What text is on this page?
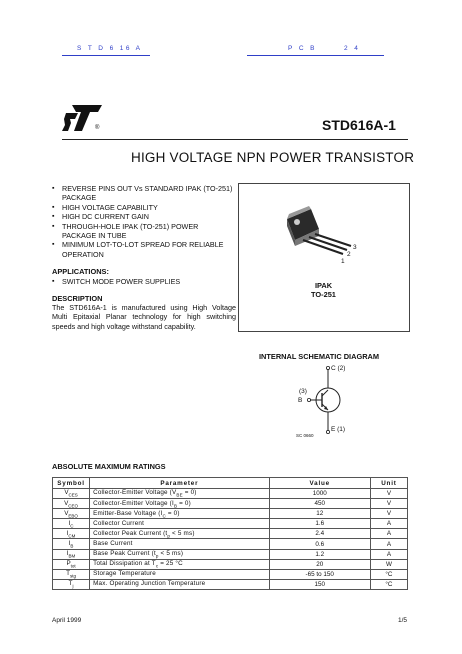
S T D 6 16 A	P C B	2 4
®	STD616A-1
HIGH VOLTAGE NPN POWER TRANSISTOR
▪ REVERSE PINS OUT Vs STANDARD IPAK (TO-251) PACKAGE
▪ HIGH VOLTAGE CAPABILITY
▪ HIGH DC CURRENT GAIN
▪ THROUGH-HOLE IPAK (TO-251) POWER PACKAGE IN TUBE
▪ MINIMUM LOT-TO-LOT SPREAD FOR RELIABLE OPERATION
APPLICATIONS:
▪ SWITCH MODE POWER SUPPLIES
DESCRIPTION
The STD616A-1 is manufactured using High Voltage Multi Epitaxial Planar technology for high switching speeds and high voltage withstand capability.
3
2
1
IPAK
TO-251
INTERNAL SCHEMATIC DIAGRAM
C (2)
(3)
B
E (1)
SC 0660
ABSOLUTE MAXIMUM RATINGS
Symbol	Parameter	Value	Unit
$V_{CES}$	Collector-Emitter Voltage $(V_{BE} = 0)$	1000	V
$V_{CEO}$	Collector-Emitter Voltage $(I_B = 0)$	450	V
$V_{EBO}$	Emitter-Base Voltage $(I_C = 0)$	12	V
$I_C$	Collector Current	1.6	A
$I_{CM}$	Collector Peak Current ($t_p < 5$ ms)	2.4	A
$I_B$	Base Current	0.6	A
$I_{BM}$	Base Peak Current ($t_p < 5$ ms)	1.2	A
$P_{tot}$	Total Dissipation at $T_c = 25$ °C	20	W
$T_{stg}$	Storage Temperature	-65 to 150	°C
$T_j$	Max. Operating Junction Temperature	150	°C
April 1999	1/5
